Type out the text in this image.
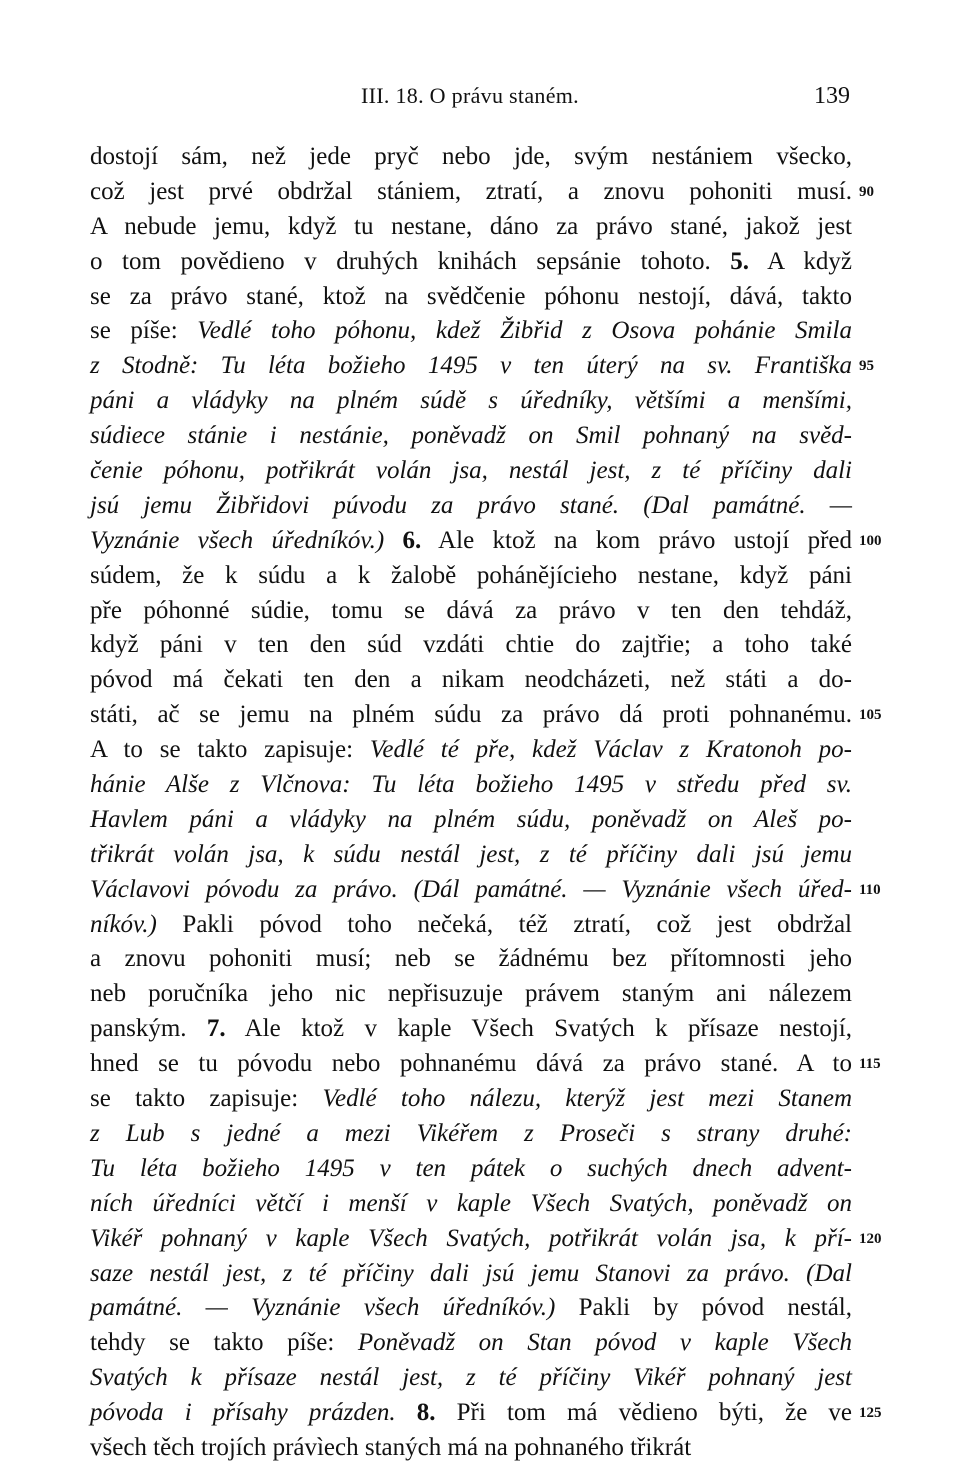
III. 18. O právu staném.	139
dostojí sám, než jede pryč nebo jde, svým nestániem všecko,
což jest prvé obdržal stániem, ztratí, a znovu pohoniti musí. 90
A nebude jemu, když tu nestane, dáno za právo stané, jakož jest
o tom povědieno v druhých knihách sepsánie tohoto. 5. A když
se za právo stané, ktož na svědčenie póhonu nestojí, dává, takto
se píše: Vedlé toho póhonu, kdež Žibřid z Osova pohánie Smila
z Stodně: Tu léta božieho 1495 v ten úterý na sv. Františka 95
páni a vládyky na plném súdě s úředníky, většími a menšími,
súdiece stánie i nestánie, poněvadž on Smil pohnaný na svěd-
čenie póhonu, potřikrát volán jsa, nestál jest, z té příčiny dali
jsú jemu Žibřidovi púvodu za právo stané. (Dal památné. —
Vyznánie všech úředníkóv.) 6. Ale ktož na kom právo ustojí před 100
súdem, že k súdu a k žalobě pohánějícieho nestane, když páni
pře póhonné súdie, tomu se dává za právo v ten den tehdáž,
když páni v ten den súd vzdáti chtie do zajtřie; a toho také
póvod má čekati ten den a nikam neodcházeti, než státi a do-
státi, ač se jemu na plném súdu za právo dá proti pohnanému. 105
A to se takto zapisuje: Vedlé té pře, kdež Václav z Kratonoh po-
hánie Alše z Vlčnova: Tu léta božieho 1495 v středu před sv.
Havlem páni a vládyky na plném súdu, poněvadž on Aleš po-
třikrát volán jsa, k súdu nestál jest, z té příčiny dali jsú jemu
Václavovi póvodu za právo. (Dál památné. — Vyznánie všech úřed- 110
níkóv.) Pakli póvod toho nečeká, též ztratí, což jest obdržal
a znovu pohoniti musí; neb se žádnému bez přítomnosti jeho
neb poručníka jeho nic nepřisuzuje právem staným ani nálezem
panským. 7. Ale ktož v kaple Všech Svatých k přísaze nestojí,
hned se tu póvodu nebo pohnanému dává za právo stané. A to 115
se takto zapisuje: Vedlé toho nálezu, kterýž jest mezi Stanem
z Lub s jedné a mezi Vikéřem z Proseči s strany druhé:
Tu léta božieho 1495 v ten pátek o suchých dnech advent-
ních úředníci větčí i menší v kaple Všech Svatých, poněvadž on
Vikéř pohnaný v kaple Všech Svatých, potřikrát volán jsa, k pří- 120
saze nestál jest, z té příčiny dali jsú jemu Stanovi za právo. (Dal
památné. — Vyznánie všech úředníkóv.) Pakli by póvod nestál,
tehdy se takto píše: Poněvadž on Stan póvod v kaple Všech
Svatých k přísaze nestál jest, z té příčiny Vikéř pohnaný jest
póvoda i přísahy prázden. 8. Při tom má vědieno býti, že ve 125
všech těch trojích právìech staných má na pohnaného třikrát
